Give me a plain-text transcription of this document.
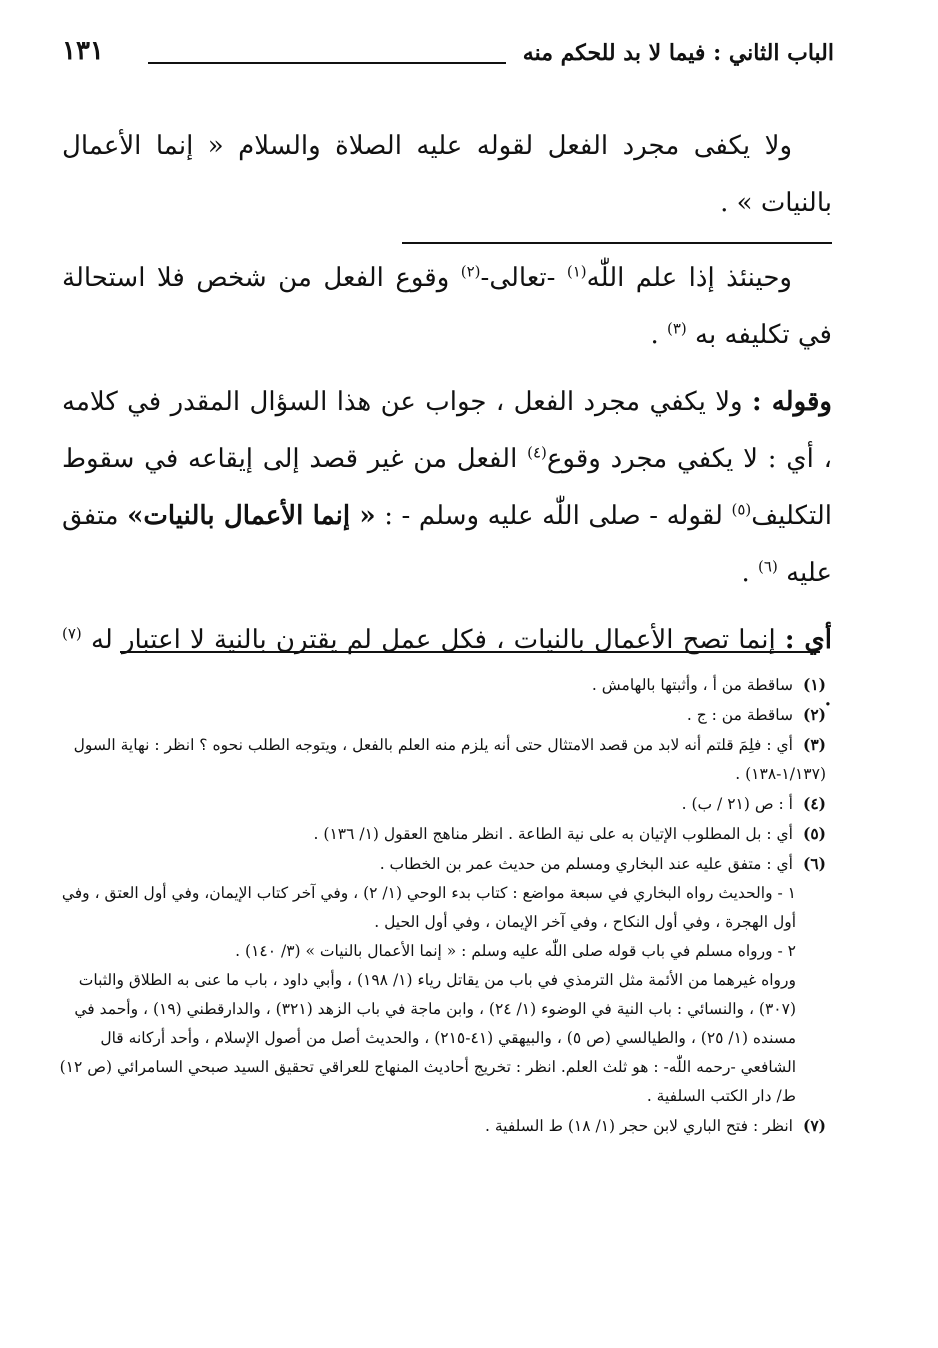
الباب الثاني : فيما لا بد للحكم منه
١٣١

ولا يكفى مجرد الفعل لقوله عليه الصلاة والسلام « إنما الأعمال بالنيات » .

وحينئذ إذا علم اللّٰه$^{(١)}$ -تعالى-$^{(٢)}$ وقوع الفعل من شخص فلا استحالة في تكليفه به $^{(٣)}$ .

وقوله : ولا يكفي مجرد الفعل ، جواب عن هذا السؤال المقدر في كلامه ، أي : لا يكفي مجرد وقوع$^{(٤)}$ الفعل من غير قصد إلى إيقاعه في سقوط التكليف$^{(٥)}$ لقوله - صلى اللّٰه عليه وسلم - : « إنما الأعمال بالنيات» متفق عليه $^{(٦)}$ .

أي : إنما تصح الأعمال بالنيات ، فكل عمل لم يقترن بالنية لا اعتبار له $^{(٧)}$ .

(١)ساقطة من أ ، وأثبتها بالهامش .

(٢)ساقطة من : ج .

(٣)أي : فلِمَ قلتم أنه لابد من قصد الامتثال حتى أنه يلزم منه العلم بالفعل ، ويتوجه الطلب نحوه ؟ انظر : نهاية السول (١/١٣٧-١٣٨) .

(٤)أ : ص (٢١ / ب) .

(٥)أي : بل المطلوب الإتيان به على نية الطاعة . انظر مناهج العقول (١/ ١٣٦) .

(٦)أي : متفق عليه عند البخاري ومسلم من حديث عمر بن الخطاب .

١ - والحديث رواه البخاري في سبعة مواضع : كتاب بدء الوحي (١/ ٢) ، وفي آخر كتاب الإيمان، وفي أول العتق ، وفي أول الهجرة ، وفي أول النكاح ، وفي آخر الإيمان ، وفي أول الحيل .

٢ - ورواه مسلم في باب قوله صلى اللّٰه عليه وسلم : « إنما الأعمال بالنيات » (٣/ ١٤٠) .

ورواه غيرهما من الأئمة مثل الترمذي في باب من يقاتل رياء (١/ ١٩٨) ، وأبي داود ، باب ما عنى به الطلاق والثبات (٣٠٧) ، والنسائي : باب النية في الوضوء (١/ ٢٤) ، وابن ماجة في باب الزهد (٣٢١) ، والدارقطني (١٩) ، وأحمد في مسنده (١/ ٢٥) ، والطيالسي (ص ٥) ، والبيهقي (٤١-٢١٥) ، والحديث أصل من أصول الإسلام ، وأحد أركانه قال الشافعي -رحمه اللّٰه- : هو ثلث العلم. انظر : تخريج أحاديث المنهاج للعراقي تحقيق السيد صبحي السامرائي (ص ١٢) ط/ دار الكتب السلفية .

(٧)انظر : فتح الباري لابن حجر (١/ ١٨) ط السلفية .
